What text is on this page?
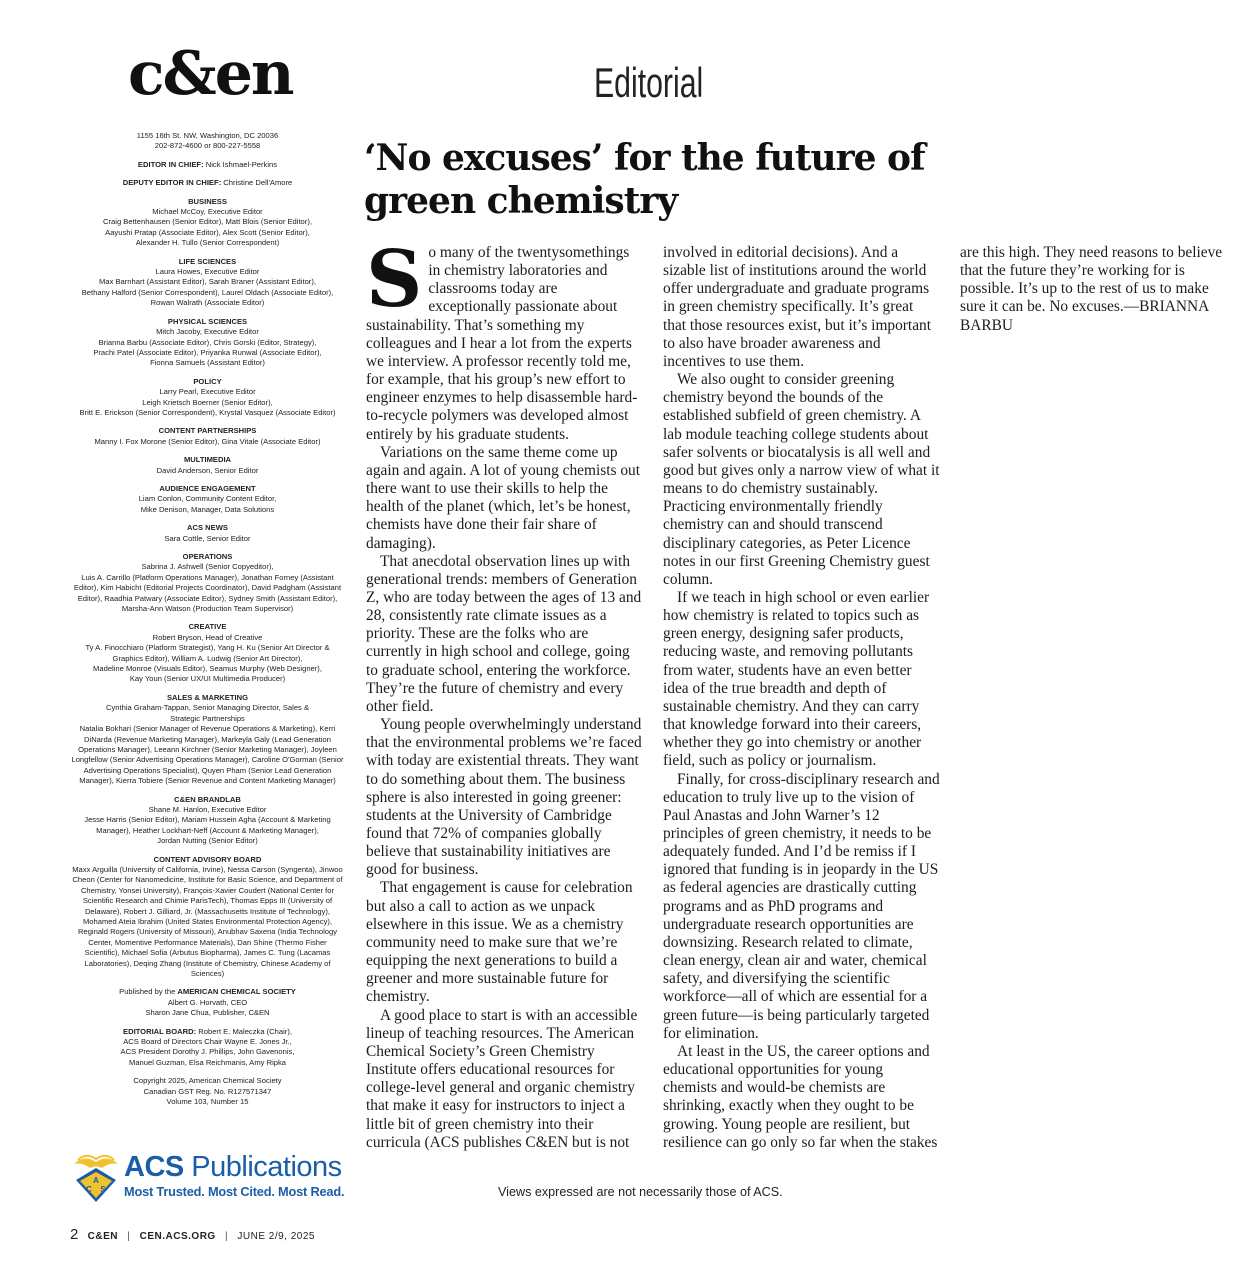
c&en
1155 16th St. NW, Washington, DC 20036
202-872-4600 or 800-227-5558
EDITOR IN CHIEF: Nick Ishmael-Perkins
DEPUTY EDITOR IN CHIEF: Christine Dell'Amore
BUSINESS
Michael McCoy, Executive Editor
Craig Bettenhausen (Senior Editor), Matt Blois (Senior Editor),
Aayushi Pratap (Associate Editor), Alex Scott (Senior Editor),
Alexander H. Tullo (Senior Correspondent)
LIFE SCIENCES
Laura Howes, Executive Editor
Max Barnhart (Assistant Editor), Sarah Braner (Assistant Editor),
Bethany Halford (Senior Correspondent), Laurel Oldach (Associate Editor),
Rowan Walrath (Associate Editor)
PHYSICAL SCIENCES
Mitch Jacoby, Executive Editor
Brianna Barbu (Associate Editor), Chris Gorski (Editor, Strategy),
Prachi Patel (Associate Editor), Priyanka Runwal (Associate Editor),
Fionna Samuels (Assistant Editor)
POLICY
Larry Pearl, Executive Editor
Leigh Krietsch Boerner (Senior Editor),
Britt E. Erickson (Senior Correspondent), Krystal Vasquez (Associate Editor)
CONTENT PARTNERSHIPS
Manny I. Fox Morone (Senior Editor), Gina Vitale (Associate Editor)
MULTIMEDIA
David Anderson, Senior Editor
AUDIENCE ENGAGEMENT
Liam Conlon, Community Content Editor,
Mike Denison, Manager, Data Solutions
ACS NEWS
Sara Cottle, Senior Editor
OPERATIONS
Sabrina J. Ashwell (Senior Copyeditor),
Luis A. Carrillo (Platform Operations Manager), Jonathan Forney (Assistant
Editor), Kim Habicht (Editorial Projects Coordinator), David Padgham (Assistant
Editor), Raadhia Patwary (Associate Editor), Sydney Smith (Assistant Editor),
Marsha-Ann Watson (Production Team Supervisor)
CREATIVE
Robert Bryson, Head of Creative
Ty A. Finocchiaro (Platform Strategist), Yang H. Ku (Senior Art Director &
Graphics Editor), William A. Ludwig (Senior Art Director),
Madeline Monroe (Visuals Editor), Seamus Murphy (Web Designer),
Kay Youn (Senior UX/UI Multimedia Producer)
SALES & MARKETING
Cynthia Graham-Tappan, Senior Managing Director, Sales &
Strategic Partnerships
Natalia Bokhari (Senior Manager of Revenue Operations & Marketing), Kerri
DiNarda (Revenue Marketing Manager), Markeyla Galy (Lead Generation
Operations Manager), Leeann Kirchner (Senior Marketing Manager), Joyleen
Longfellow (Senior Advertising Operations Manager), Caroline O'Gorman (Senior
Advertising Operations Specialist), Quyen Pham (Senior Lead Generation
Manager), Kierra Tobiere (Senior Revenue and Content Marketing Manager)
C&EN BRANDLAB
Shane M. Hanlon, Executive Editor
Jesse Harris (Senior Editor), Mariam Hussein Agha (Account & Marketing
Manager), Heather Lockhart-Neff (Account & Marketing Manager),
Jordan Nutting (Senior Editor)
CONTENT ADVISORY BOARD
Maxx Arguilla (University of California, Irvine), Nessa Carson (Syngenta), Jinwoo
Cheon (Center for Nanomedicine, Institute for Basic Science, and Department of
Chemistry, Yonsei University), François-Xavier Coudert (National Center for
Scientific Research and Chimie ParisTech), Thomas Epps III (University of
Delaware), Robert J. Gilliard, Jr. (Massachusetts Institute of Technology),
Mohamed Ateia Ibrahim (United States Environmental Protection Agency),
Reginald Rogers (University of Missouri), Anubhav Saxena (India Technology
Center, Momentive Performance Materials), Dan Shine (Thermo Fisher
Scientific), Michael Sofia (Arbutus Biopharma), James C. Tung (Lacamas
Laboratories), Deqing Zhang (Institute of Chemistry, Chinese Academy of
Sciences)
Published by the AMERICAN CHEMICAL SOCIETY
Albert G. Horvath, CEO
Sharon Jane Chua, Publisher, C&EN
EDITORIAL BOARD: Robert E. Maleczka (Chair),
ACS Board of Directors Chair Wayne E. Jones Jr.,
ACS President Dorothy J. Phillips, John Gavenonis,
Manuel Guzman, Elsa Reichmanis, Amy Ripka
Copyright 2025, American Chemical Society
Canadian GST Reg. No. R127571347
Volume 103, Number 15
A
C S
ACS Publications
Most Trusted. Most Cited. Most Read.
2 C&EN | CEN.ACS.ORG | JUNE 2/9, 2025
Editorial
‘No excuses’ for the future of green chemistry

So many of the twentysomethings in chemistry laboratories and classrooms today are exceptionally passionate about sustainability. That’s something my colleagues and I hear a lot from the experts we interview. A professor recently told me, for example, that his group’s new effort to engineer enzymes to help disassemble hard-to-recycle polymers was developed almost entirely by his graduate students.

Variations on the same theme come up again and again. A lot of young chemists out there want to use their skills to help the health of the planet (which, let’s be honest, chemists have done their fair share of damaging).

That anecdotal observation lines up with generational trends: members of Generation Z, who are today between the ages of 13 and 28, consistently rate climate issues as a priority. These are the folks who are currently in high school and college, going to graduate school, entering the workforce. They’re the future of chemistry and every other field.

Young people overwhelmingly understand that the environmental problems we’re faced with today are existential threats. They want to do something about them. The business sphere is also interested in going greener: students at the University of Cambridge found that 72% of companies globally believe that sustainability initiatives are good for business.

That engagement is cause for celebration but also a call to action as we unpack elsewhere in this issue. We as a chemistry community need to make sure that we’re equipping the next generations to build a greener and more sustainable future for chemistry.

A good place to start is with an accessible lineup of teaching resources. The American Chemical Society’s Green Chemistry Institute offers educational resources for college-level general and organic chemistry that make it easy for instructors to inject a little bit of green chemistry into their curricula (ACS publishes C&EN but is not involved in editorial decisions). And a sizable list of institutions around the world offer undergraduate and graduate programs in green chemistry specifically. It’s great that those resources exist, but it’s important to also have broader awareness and incentives to use them.

We also ought to consider greening chemistry beyond the bounds of the established subfield of green chemistry. A lab module teaching college students about safer solvents or biocatalysis is all well and good but gives only a narrow view of what it means to do chemistry sustainably. Practicing environmentally friendly chemistry can and should transcend disciplinary categories, as Peter Licence notes in our first Greening Chemistry guest column.

If we teach in high school or even earlier how chemistry is related to topics such as green energy, designing safer products, reducing waste, and removing pollutants from water, students have an even better idea of the true breadth and depth of sustainable chemistry. And they can carry that knowledge forward into their careers, whether they go into chemistry or another field, such as policy or journalism.

Finally, for cross-disciplinary research and education to truly live up to the vision of Paul Anastas and John Warner’s 12 principles of green chemistry, it needs to be adequately funded. And I’d be remiss if I ignored that funding is in jeopardy in the US as federal agencies are drastically cutting programs and as PhD programs and undergraduate research opportunities are downsizing. Research related to climate, clean energy, clean air and water, chemical safety, and diversifying the scientific workforce—all of which are essential for a green future—is being particularly targeted for elimination.

At least in the US, the career options and educational opportunities for young chemists and would-be chemists are shrinking, exactly when they ought to be growing. Young people are resilient, but resilience can go only so far when the stakes are this high. They need reasons to believe that the future they’re working for is possible. It’s up to the rest of us to make sure it can be. No excuses.—BRIANNA BARBU

Views expressed are not necessarily those of ACS.
